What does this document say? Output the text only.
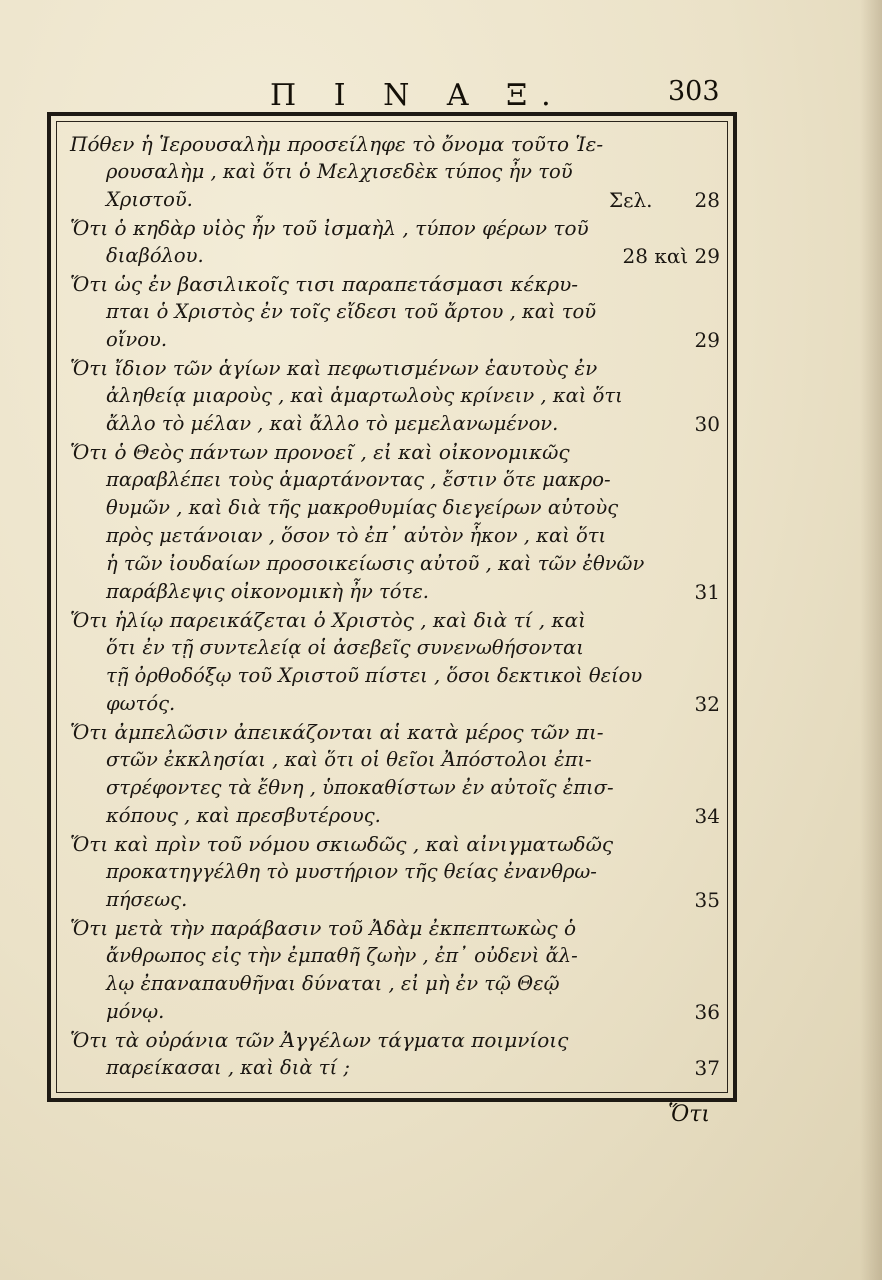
Π Ι Ν Α Ξ.	303
Πόθεν ἡ Ἱερουσαλὴμ προσείληφε τὸ ὄνομα τοῦτο Ἱε-
ρουσαλὴμ , καὶ ὅτι ὁ Μελχισεδὲκ τύπος ἦν τοῦ
Χριστοῦ.	Σελ. 28
Ὅτι ὁ κηδὰρ υἱὸς ἦν τοῦ ἰσμαὴλ , τύπον φέρων τοῦ
διαβόλου.	28 καὶ 29
Ὅτι ὡς ἐν βασιλικοῖς τισι παραπετάσμασι κέκρυ-
πται ὁ Χριστὸς ἐν τοῖς εἴδεσι τοῦ ἄρτου , καὶ τοῦ
οἴνου.	29
Ὅτι ἴδιον τῶν ἁγίων καὶ πεφωτισμένων ἑαυτοὺς ἐν
ἀληθείᾳ μιαροὺς , καὶ ἁμαρτωλοὺς κρίνειν , καὶ ὅτι
ἄλλο τὸ μέλαν , καὶ ἄλλο τὸ μεμελανωμένον.	30
Ὅτι ὁ Θεὸς πάντων προνοεῖ , εἰ καὶ οἰκονομικῶς
παραβλέπει τοὺς ἁμαρτάνοντας , ἔστιν ὅτε μακρο-
θυμῶν , καὶ διὰ τῆς μακροθυμίας διεγείρων αὐτοὺς
πρὸς μετάνοιαν , ὅσον τὸ ἐπ᾽ αὐτὸν ἧκον , καὶ ὅτι
ἡ τῶν ἰουδαίων προσοικείωσις αὐτοῦ , καὶ τῶν ἐθνῶν
παράβλεψις οἰκονομικὴ ἦν τότε.	31
Ὅτι ἡλίῳ παρεικάζεται ὁ Χριστὸς , καὶ διὰ τί , καὶ
ὅτι ἐν τῇ συντελείᾳ οἱ ἀσεβεῖς συνενωθήσονται
τῇ ὀρθοδόξῳ τοῦ Χριστοῦ πίστει , ὅσοι δεκτικοὶ θείου
φωτός.	32
Ὅτι ἀμπελῶσιν ἀπεικάζονται αἱ κατὰ μέρος τῶν πι-
στῶν ἐκκλησίαι , καὶ ὅτι οἱ θεῖοι Ἀπόστολοι ἐπι-
στρέφοντες τὰ ἔθνη , ὑποκαθίστων ἐν αὐτοῖς ἐπισ-
κόπους , καὶ πρεσβυτέρους.	34
Ὅτι καὶ πρὶν τοῦ νόμου σκιωδῶς , καὶ αἰνιγματωδῶς
προκατηγγέλθη τὸ μυστήριον τῆς θείας ἐνανθρω-
πήσεως.	35
Ὅτι μετὰ τὴν παράβασιν τοῦ Ἀδὰμ ἐκπεπτωκὼς ὁ
ἄνθρωπος εἰς τὴν ἐμπαθῆ ζωὴν , ἐπ᾽ οὐδενὶ ἄλ-
λῳ ἐπαναπαυθῆναι δύναται , εἰ μὴ ἐν τῷ Θεῷ
μόνῳ.	36
Ὅτι τὰ οὐράνια τῶν Ἀγγέλων τάγματα ποιμνίοις
παρείκασαι , καὶ διὰ τί ;	37
Ὅτι
